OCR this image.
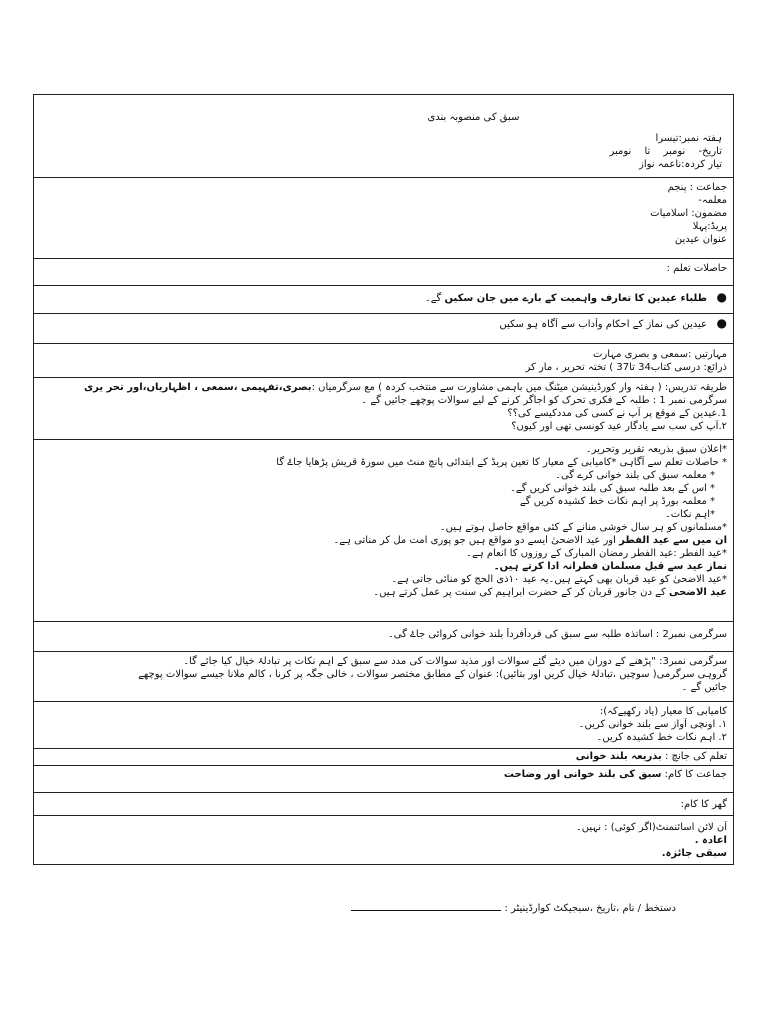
سبق کی منصوبہ بندی
ہفتہ نمبر:تیسرا
تاریخ- نومبر تا نومبر
تیار کردہ:ناعمہ نواز
جماعت : پنجم
معلمہ-
مضمون: اسلامیات
پریڈ:پہلا
عنوان عیدین
حاصلات تعلم :
●
طلباء عیدین کا تعارف واہمیت کے بارے میں جان سکیں گے۔
●
عیدین کی نماز کے احکام وآداب سے آگاہ ہو سکیں
مہارتیں :سمعی و بصری مہارت
ذرائع: درسی کتاب34 تا37 ) تختہ تحریر ، مار کر
طریقہ تدریس: ( ہفتہ وار کورڈینیشن میٹنگ میں باہمی مشاورت سے منتخب کردہ ) مع سرگرمیاں :بصری،تفہیمی ،سمعی ، اظہاریاں،اور تحر یری
سرگرمی نمبر 1 : طلبہ کے فکری تحرک کو اجاگر کرنے کے لیے سوالات پوچھے جائیں گے ۔
1.عیدین کے موقع پر آپ نے کسی کی مددکیسے کی؟؟
۲.آپ کی سب سے یادگار عید کونسی تھی اور کیوں؟
*اعلان سبق بذریعہ تقریر وتحریر۔
* حاصلات تعلم سے آگاہی *کامیابی کے معیار کا تعین پریڈ کے ابتدائی پانچ منٹ میں سورۃ قریش پڑھایا جاۓ گا
* معلمہ سبق کی بلند خوانی کرے گی۔
* اس کے بعد طلبہ سبق کی بلند خوانی کریں گے۔
* معلمہ بورڈ پر اہم نکات خط کشیدہ کریں گے
*اہم نکات۔
*مسلمانوں کو ہر سال خوشی منانے کے کئی مواقع حاصل ہوتے ہیں۔
ان میں سے عید الفطر اور عید الاضحیٰ ایسے دو مواقع ہیں جو پوری امت مل کر مناتی ہے۔
*عید الفطر :عید الفطر رمضان المبارک کے روزوں کا انعام ہے۔
نماز عید سے قبل مسلمان فطرانہ ادا کرتے ہیں۔
*عید الاضحیٰ کو عید قربان بھی کہتے ہیں۔یہ عید ۱۰ذی الحج کو منائی جاتی ہے۔
عید الاضحی کے دن جانور قربان کر کے حضرت ابراہیم کی سنت پر عمل کرتے ہیں۔
سرگرمی نمبر2 : اساتذہ طلبہ سے سبق کی فردأفردأ بلند خوانی کروائی جاۓ گی۔
سرگرمی نمبر3: "پڑھنے کے دوران میں دیئے گئے سوالات اور مذید سوالات کی مدد سے سبق کے اہم نکات پر تبادلۂ خیال کیا جائے گا۔
گروہی سرگرمی( سوچیں ،تبادلۂ خیال کریں اور بتائیں): عنوان کے مطابق مختصر سوالات ، خالی جگہ پر کرنا ، کالم ملانا جیسے سوالات پوچھے
جائیں گے ۔
کامیابی کا معیار (یاد رکھیےکہ):
١. اونچی آواز سے بلند خوانی کریں۔
٢. اہم نکات خط کشیدہ کریں۔
تعلم کی جانچ : بذریعہ بلند خوانی
جماعت کا کام: سبق کی بلند خوانی اور وضاحت
گھر کا کام:
آن لائن اسائنمنٹ(اگر کوئی) : نہیں۔
اعادہ .
سبقی جائزہ.
دستخط / نام ،تاریخ ،سبجیکٹ کوارڈینیٹر :
